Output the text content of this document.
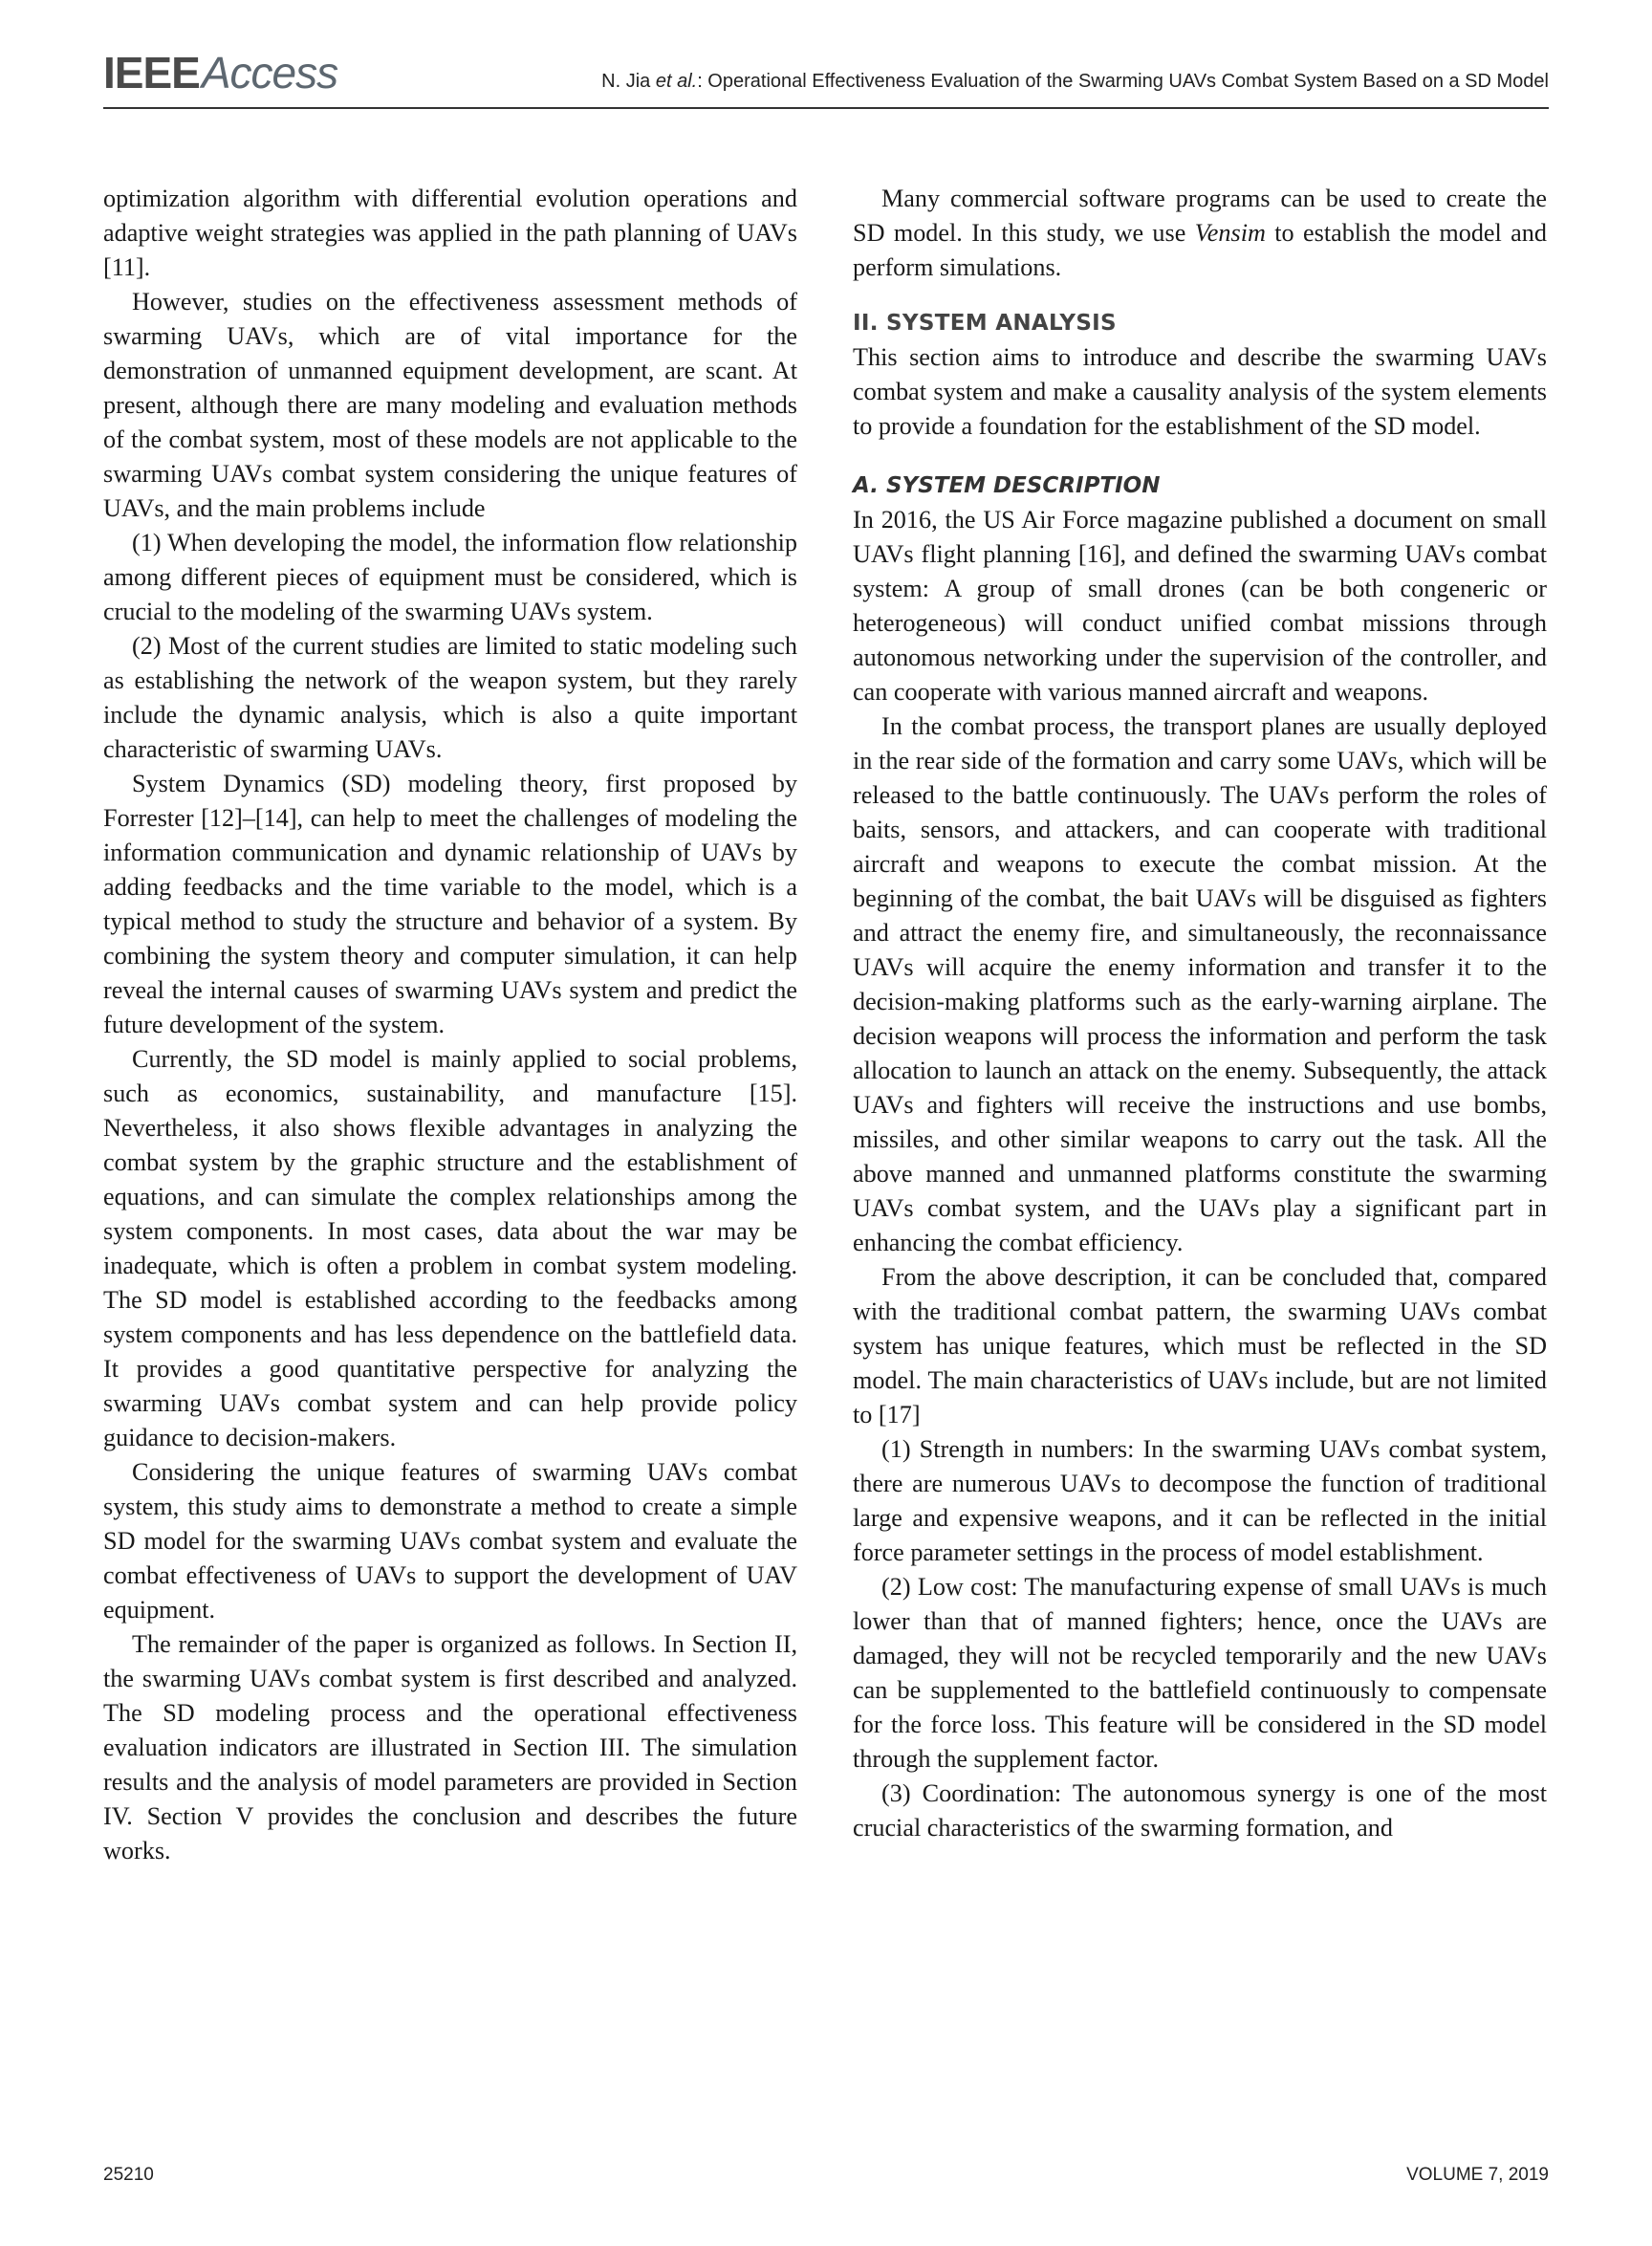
IEEEAccess	N. Jia et al.: Operational Effectiveness Evaluation of the Swarming UAVs Combat System Based on a SD Model

optimization algorithm with differential evolution operations and adaptive weight strategies was applied in the path planning of UAVs [11].

However, studies on the effectiveness assessment methods of swarming UAVs, which are of vital importance for the demonstration of unmanned equipment development, are scant. At present, although there are many modeling and evaluation methods of the combat system, most of these models are not applicable to the swarming UAVs combat system considering the unique features of UAVs, and the main problems include

(1) When developing the model, the information flow relationship among different pieces of equipment must be considered, which is crucial to the modeling of the swarming UAVs system.

(2) Most of the current studies are limited to static modeling such as establishing the network of the weapon system, but they rarely include the dynamic analysis, which is also a quite important characteristic of swarming UAVs.

System Dynamics (SD) modeling theory, first proposed by Forrester [12]–[14], can help to meet the challenges of modeling the information communication and dynamic relationship of UAVs by adding feedbacks and the time variable to the model, which is a typical method to study the structure and behavior of a system. By combining the system theory and computer simulation, it can help reveal the internal causes of swarming UAVs system and predict the future development of the system.

Currently, the SD model is mainly applied to social problems, such as economics, sustainability, and manufacture [15]. Nevertheless, it also shows flexible advantages in analyzing the combat system by the graphic structure and the establishment of equations, and can simulate the complex relationships among the system components. In most cases, data about the war may be inadequate, which is often a problem in combat system modeling. The SD model is established according to the feedbacks among system components and has less dependence on the battlefield data. It provides a good quantitative perspective for analyzing the swarming UAVs combat system and can help provide policy guidance to decision-makers.

Considering the unique features of swarming UAVs combat system, this study aims to demonstrate a method to create a simple SD model for the swarming UAVs combat system and evaluate the combat effectiveness of UAVs to support the development of UAV equipment.

The remainder of the paper is organized as follows. In Section II, the swarming UAVs combat system is first described and analyzed. The SD modeling process and the operational effectiveness evaluation indicators are illustrated in Section III. The simulation results and the analysis of model parameters are provided in Section IV. Section V provides the conclusion and describes the future works.

Many commercial software programs can be used to create the SD model. In this study, we use Vensim to establish the model and perform simulations.

II. SYSTEM ANALYSIS

This section aims to introduce and describe the swarming UAVs combat system and make a causality analysis of the system elements to provide a foundation for the establishment of the SD model.

A. SYSTEM DESCRIPTION

In 2016, the US Air Force magazine published a document on small UAVs flight planning [16], and defined the swarming UAVs combat system: A group of small drones (can be both congeneric or heterogeneous) will conduct unified combat missions through autonomous networking under the supervision of the controller, and can cooperate with various manned aircraft and weapons.

In the combat process, the transport planes are usually deployed in the rear side of the formation and carry some UAVs, which will be released to the battle continuously. The UAVs perform the roles of baits, sensors, and attackers, and can cooperate with traditional aircraft and weapons to execute the combat mission. At the beginning of the combat, the bait UAVs will be disguised as fighters and attract the enemy fire, and simultaneously, the reconnaissance UAVs will acquire the enemy information and transfer it to the decision-making platforms such as the early-warning airplane. The decision weapons will process the information and perform the task allocation to launch an attack on the enemy. Subsequently, the attack UAVs and fighters will receive the instructions and use bombs, missiles, and other similar weapons to carry out the task. All the above manned and unmanned platforms constitute the swarming UAVs combat system, and the UAVs play a significant part in enhancing the combat efficiency.

From the above description, it can be concluded that, compared with the traditional combat pattern, the swarming UAVs combat system has unique features, which must be reflected in the SD model. The main characteristics of UAVs include, but are not limited to [17]

(1) Strength in numbers: In the swarming UAVs combat system, there are numerous UAVs to decompose the function of traditional large and expensive weapons, and it can be reflected in the initial force parameter settings in the process of model establishment.

(2) Low cost: The manufacturing expense of small UAVs is much lower than that of manned fighters; hence, once the UAVs are damaged, they will not be recycled temporarily and the new UAVs can be supplemented to the battlefield continuously to compensate for the force loss. This feature will be considered in the SD model through the supplement factor.

(3) Coordination: The autonomous synergy is one of the most crucial characteristics of the swarming formation, and

25210	VOLUME 7, 2019
